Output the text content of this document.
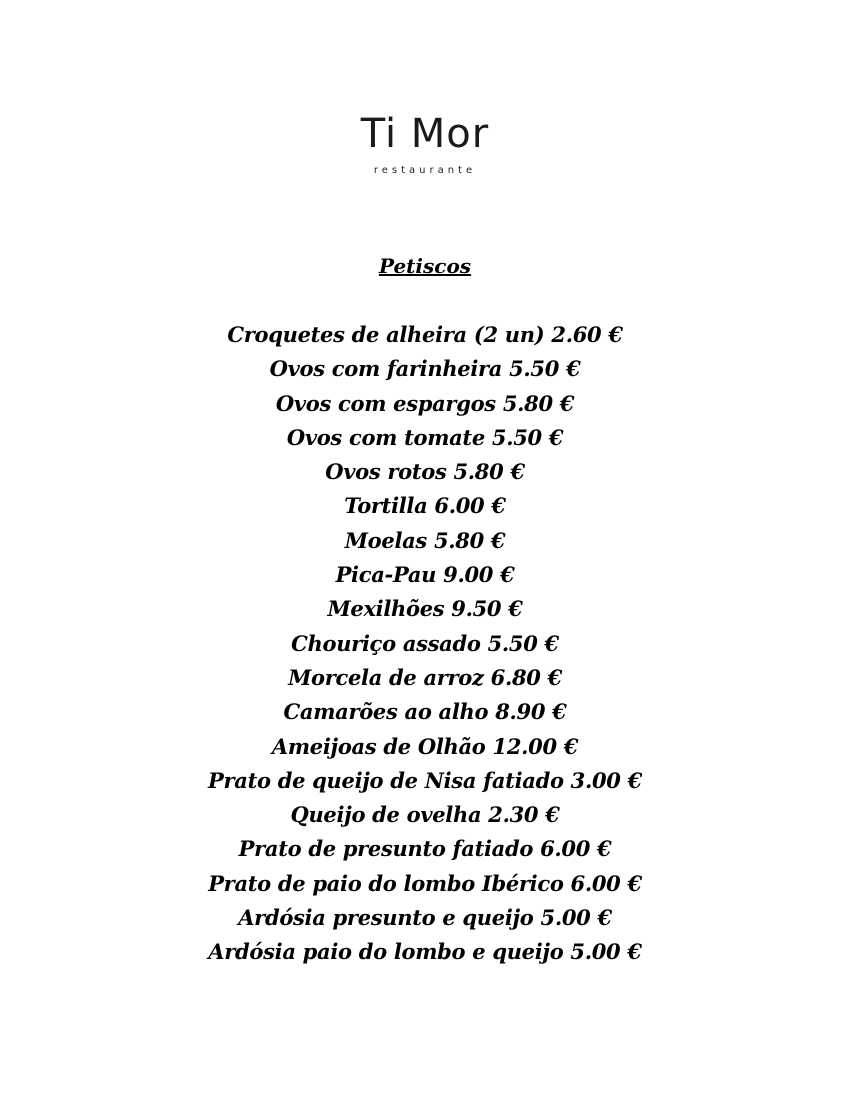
Ti Mor
restaurante
Petiscos
Croquetes de alheira (2 un) 2.60 €
Ovos com farinheira 5.50 €
Ovos com espargos 5.80 €
Ovos com tomate 5.50 €
Ovos rotos 5.80 €
Tortilla 6.00 €
Moelas 5.80 €
Pica-Pau 9.00 €
Mexilhões 9.50 €
Chouriço assado 5.50 €
Morcela de arroz 6.80 €
Camarões ao alho 8.90 €
Ameijoas de Olhão 12.00 €
Prato de queijo de Nisa fatiado 3.00 €
Queijo de ovelha 2.30 €
Prato de presunto fatiado 6.00 €
Prato de paio do lombo Ibérico 6.00 €
Ardósia presunto e queijo 5.00 €
Ardósia paio do lombo e queijo 5.00 €
